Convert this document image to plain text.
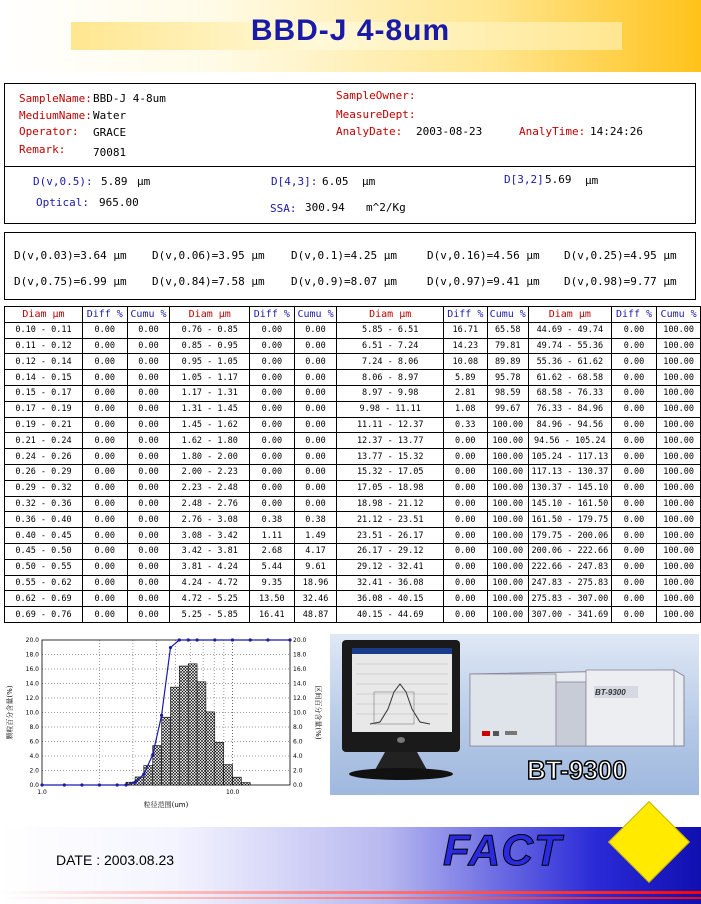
BBD-J 4-8um
SampleName: BBD-J 4-8um
MediumName: Water
Operator: GRACE
Remark:	70081
SampleOwner:
MeasureDept:
AnalyDate: 2003-08-23	AnalyTime: 14:24:26
D(v,0.5): 5.89 μm	D[4,3]: 6.05 μm	D[3,2] 5.69 μm
Optical: 965.00	SSA: 300.94 m^2/Kg
D(v,0.03)=3.64 μm D(v,0.06)=3.95 μm D(v,0.1)=4.25 μm	D(v,0.16)=4.56 μm D(v,0.25)=4.95 μm
D(v,0.75)=6.99 μm D(v,0.84)=7.58 μm D(v,0.9)=8.07 μm	D(v,0.97)=9.41 μm D(v,0.98)=9.77 μm
Diam μm	Diff %	Cumu %	Diam μm	Diff %	Cumu %	Diam μm	Diff %	Cumu %	Diam μm	Diff %	Cumu %
0.10 - 0.11	0.00	0.00	0.76 - 0.85	0.00	0.00	5.85 - 6.51	16.71	65.58	44.69 - 49.74	0.00	100.00
0.11 - 0.12	0.00	0.00	0.85 - 0.95	0.00	0.00	6.51 - 7.24	14.23	79.81	49.74 - 55.36	0.00	100.00
0.12 - 0.14	0.00	0.00	0.95 - 1.05	0.00	0.00	7.24 - 8.06	10.08	89.89	55.36 - 61.62	0.00	100.00
0.14 - 0.15	0.00	0.00	1.05 - 1.17	0.00	0.00	8.06 - 8.97	5.89	95.78	61.62 - 68.58	0.00	100.00
0.15 - 0.17	0.00	0.00	1.17 - 1.31	0.00	0.00	8.97 - 9.98	2.81	98.59	68.58 - 76.33	0.00	100.00
0.17 - 0.19	0.00	0.00	1.31 - 1.45	0.00	0.00	9.98 - 11.11	1.08	99.67	76.33 - 84.96	0.00	100.00
0.19 - 0.21	0.00	0.00	1.45 - 1.62	0.00	0.00	11.11 - 12.37	0.33	100.00	84.96 - 94.56	0.00	100.00
0.21 - 0.24	0.00	0.00	1.62 - 1.80	0.00	0.00	12.37 - 13.77	0.00	100.00	94.56 - 105.24	0.00	100.00
0.24 - 0.26	0.00	0.00	1.80 - 2.00	0.00	0.00	13.77 - 15.32	0.00	100.00	105.24 - 117.13	0.00	100.00
0.26 - 0.29	0.00	0.00	2.00 - 2.23	0.00	0.00	15.32 - 17.05	0.00	100.00	117.13 - 130.37	0.00	100.00
0.29 - 0.32	0.00	0.00	2.23 - 2.48	0.00	0.00	17.05 - 18.98	0.00	100.00	130.37 - 145.10	0.00	100.00
0.32 - 0.36	0.00	0.00	2.48 - 2.76	0.00	0.00	18.98 - 21.12	0.00	100.00	145.10 - 161.50	0.00	100.00
0.36 - 0.40	0.00	0.00	2.76 - 3.08	0.38	0.38	21.12 - 23.51	0.00	100.00	161.50 - 179.75	0.00	100.00
0.40 - 0.45	0.00	0.00	3.08 - 3.42	1.11	1.49	23.51 - 26.17	0.00	100.00	179.75 - 200.06	0.00	100.00
0.45 - 0.50	0.00	0.00	3.42 - 3.81	2.68	4.17	26.17 - 29.12	0.00	100.00	200.06 - 222.66	0.00	100.00
0.50 - 0.55	0.00	0.00	3.81 - 4.24	5.44	9.61	29.12 - 32.41	0.00	100.00	222.66 - 247.83	0.00	100.00
0.55 - 0.62	0.00	0.00	4.24 - 4.72	9.35	18.96	32.41 - 36.08	0.00	100.00	247.83 - 275.83	0.00	100.00
0.62 - 0.69	0.00	0.00	4.72 - 5.25	13.50	32.46	36.08 - 40.15	0.00	100.00	275.83 - 307.00	0.00	100.00
0.69 - 0.76	0.00	0.00	5.25 - 5.85	16.41	48.87	40.15 - 44.69	0.00	100.00	307.00 - 341.69	0.00	100.00
20.0	20.0
18.0	18.0
16.0	16.0
14.0	14.0
12.0	12.0
10.0	10.0
8.0	8.0
6.0	6.0
4.0	4.0
2.0	2.0
0.0	0.0
1.0	10.0
粒径范围(um)
颗粒百分含量(%)	区间百分含量(%)	BT-9300
BT-9300
DATE : 2003.08.23	FACT
